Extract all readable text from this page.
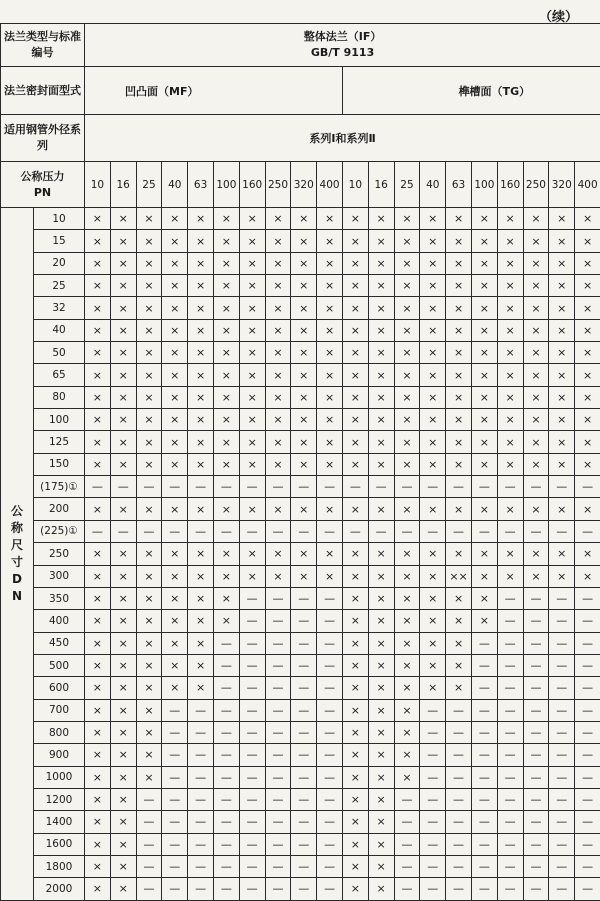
（续）
法兰类型与标准编号		整体法兰（IF）
GB/T 9113																			

法兰密封面型式		凹凸面（MF）										榫槽面（TG）									
适用钢管外径系列		系列Ⅰ和系列Ⅱ																			
公称压力
PN		10	16	25	40	63	100	160	250	320	400	10	16	25	40	63	100	160	250	320	400
公称尺寸DN	10	×	×	×	×	×	×	×	×	×	×	×	×	×	×	×	×	×	×	×	×
	15	×	×	×	×	×	×	×	×	×	×	×	×	×	×	×	×	×	×	×	×
	20	×	×	×	×	×	×	×	×	×	×	×	×	×	×	×	×	×	×	×	×
	25	×	×	×	×	×	×	×	×	×	×	×	×	×	×	×	×	×	×	×	×
	32	×	×	×	×	×	×	×	×	×	×	×	×	×	×	×	×	×	×	×	×
	40	×	×	×	×	×	×	×	×	×	×	×	×	×	×	×	×	×	×	×	×
	50	×	×	×	×	×	×	×	×	×	×	×	×	×	×	×	×	×	×	×	×
	65	×	×	×	×	×	×	×	×	×	×	×	×	×	×	×	×	×	×	×	×
	80	×	×	×	×	×	×	×	×	×	×	×	×	×	×	×	×	×	×	×	×
	100	×	×	×	×	×	×	×	×	×	×	×	×	×	×	×	×	×	×	×	×
	125	×	×	×	×	×	×	×	×	×	×	×	×	×	×	×	×	×	×	×	×
	150	×	×	×	×	×	×	×	×	×	×	×	×	×	×	×	×	×	×	×	×
	(175)①	—	—	—	—	—	—	—	—	—	—	—	—	—	—	—	—	—	—	—	—
	200	×	×	×	×	×	×	×	×	×	×	×	×	×	×	×	×	×	×	×	×
	(225)①	—	—	—	—	—	—	—	—	—	—	—	—	—	—	—	—	—	—	—	—
	250	×	×	×	×	×	×	×	×	×	×	×	×	×	×	×	×	×	×	×	×
	300	×	×	×	×	×	×	×	×	×	×	×	×	×	×	××	×	×	×	×	×
	350	×	×	×	×	×	×	—	—	—	—	×	×	×	×	×	×	—	—	—	—
	400	×	×	×	×	×	×	—	—	—	—	×	×	×	×	×	×	—	—	—	—
	450	×	×	×	×	×	—	—	—	—	—	×	×	×	×	×	—	—	—	—	—
	500	×	×	×	×	×	—	—	—	—	—	×	×	×	×	×	—	—	—	—	—
	600	×	×	×	×	×	—	—	—	—	—	×	×	×	×	×	—	—	—	—	—
	700	×	×	×	—	—	—	—	—	—	—	×	×	×	—	—	—	—	—	—	—
	800	×	×	×	—	—	—	—	—	—	—	×	×	×	—	—	—	—	—	—	—
	900	×	×	×	—	—	—	—	—	—	—	×	×	×	—	—	—	—	—	—	—
	1000	×	×	×	—	—	—	—	—	—	—	×	×	×	—	—	—	—	—	—	—
	1200	×	×	—	—	—	—	—	—	—	—	×	×	—	—	—	—	—	—	—	—
	1400	×	×	—	—	—	—	—	—	—	—	×	×	—	—	—	—	—	—	—	—
	1600	×	×	—	—	—	—	—	—	—	—	×	×	—	—	—	—	—	—	—	—
	1800	×	×	—	—	—	—	—	—	—	—	×	×	—	—	—	—	—	—	—	—
	2000	×	×	—	—	—	—	—	—	—	—	×	×	—	—	—	—	—	—	—	—
